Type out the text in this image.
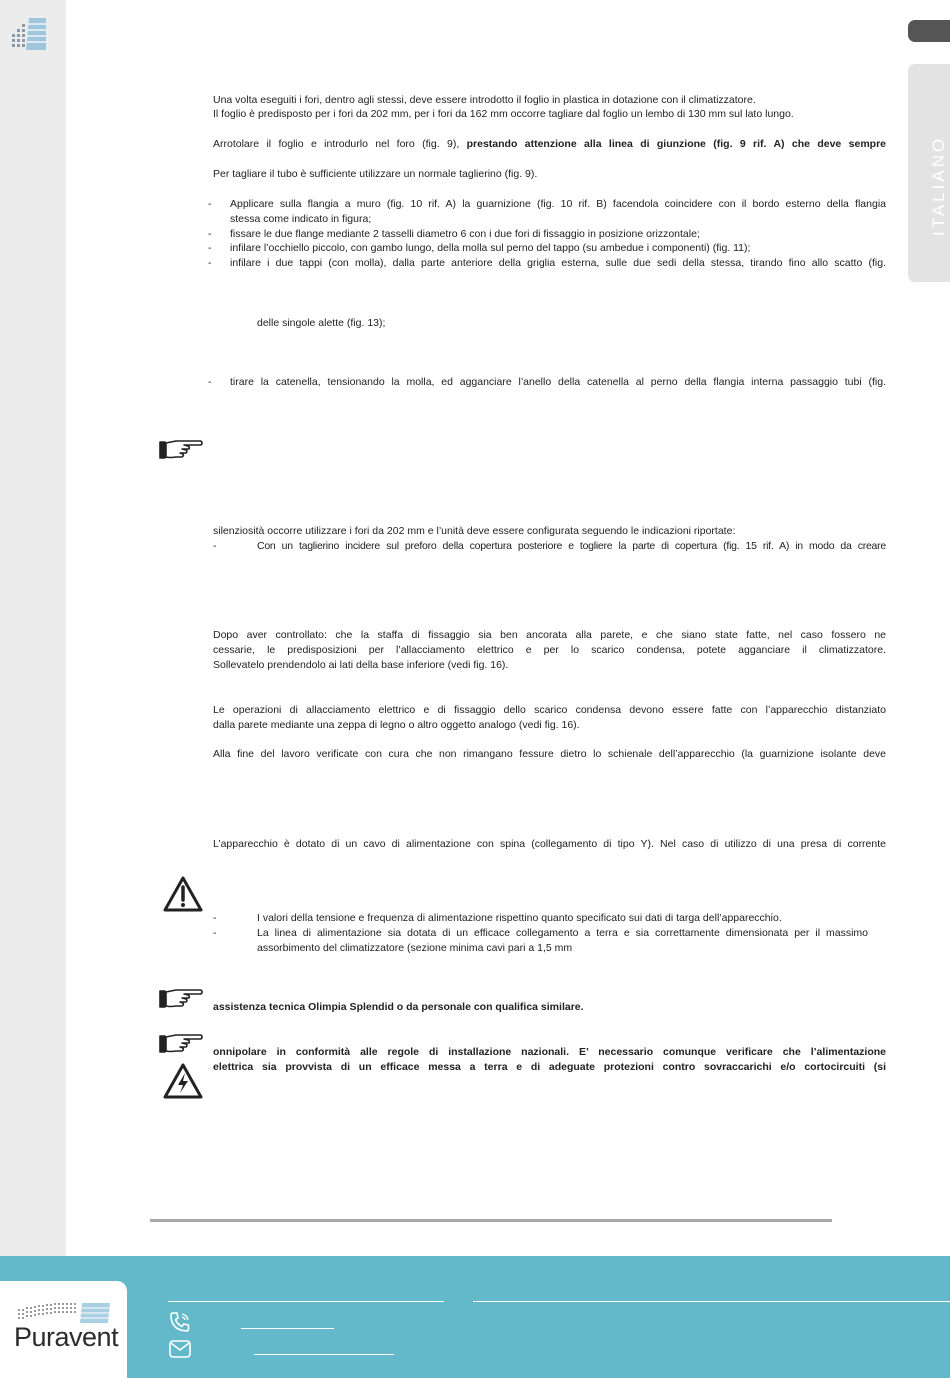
ITALIANO
Una volta eseguiti i fori, dentro agli stessi, deve essere introdotto il foglio in plastica in dotazione con il climatizzatore.
Il foglio è predisposto per i fori da 202 mm, per i fori da 162 mm occorre tagliare dal foglio un lembo di 130 mm sul lato lungo.
Arrotolare il foglio e introdurlo nel foro (fig. 9), prestando attenzione alla linea di giunzione (fig. 9 rif. A) che deve sempre
Per tagliare il tubo è sufficiente utilizzare un normale taglierino (fig. 9).
- Applicare sulla flangia a muro (fig. 10 rif. A) la guarnizione (fig. 10 rif. B) facendola coincidere con il bordo esterno della flangia
stessa come indicato in figura;
- fissare le due flange mediante 2 tasselli diametro 6 con i due fori di fissaggio in posizione orizzontale;
- infilare l’occhiello piccolo, con gambo lungo, della molla sul perno del tappo (su ambedue i componenti) (fig. 11);
- infilare i due tappi (con molla), dalla parte anteriore della griglia esterna, sulle due sedi della stessa, tirando fino allo scatto (fig.
delle singole alette (fig. 13);
- tirare la catenella, tensionando la molla, ed agganciare l’anello della catenella al perno della flangia interna passaggio tubi (fig.
silenziosità occorre utilizzare i fori da 202 mm e l’unità deve essere configurata seguendo le indicazioni riportate:
-	Con un taglierino incidere sul preforo della copertura posteriore e togliere la parte di copertura (fig. 15 rif. A) in modo da creare
Dopo aver controllato: che la staffa di fissaggio sia ben ancorata alla parete, e che siano state fatte, nel caso fossero ne
cessarie, le predisposizioni per l’allacciamento elettrico e per lo scarico condensa, potete agganciare il climatizzatore.
Sollevatelo prendendolo ai lati della base inferiore (vedi fig. 16).
Le operazioni di allacciamento elettrico e di fissaggio dello scarico condensa devono essere fatte con l’apparecchio distanziato
dalla parete mediante una zeppa di legno o altro oggetto analogo (vedi fig. 16).
Alla fine del lavoro verificate con cura che non rimangano fessure dietro lo schienale dell’apparecchio (la guarnizione isolante deve
L’apparecchio è dotato di un cavo di alimentazione con spina (collegamento di tipo Y). Nel caso di utilizzo di una presa di corrente
-	I valori della tensione e frequenza di alimentazione rispettino quanto specificato sui dati di targa dell’apparecchio.
-	La linea di alimentazione sia dotata di un efficace collegamento a terra e sia correttamente dimensionata per il massimo
assorbimento del climatizzatore (sezione minima cavi pari a 1,5 mm
assistenza tecnica Olimpia Splendid o da personale con qualifica similare.
onnipolare in conformità alle regole di installazione nazionali. E’ necessario comunque verificare che l’alimentazione
elettrica sia provvista di un efficace messa a terra e di adeguate protezioni contro sovraccarichi e/o cortocircuiti (si
Puravent
